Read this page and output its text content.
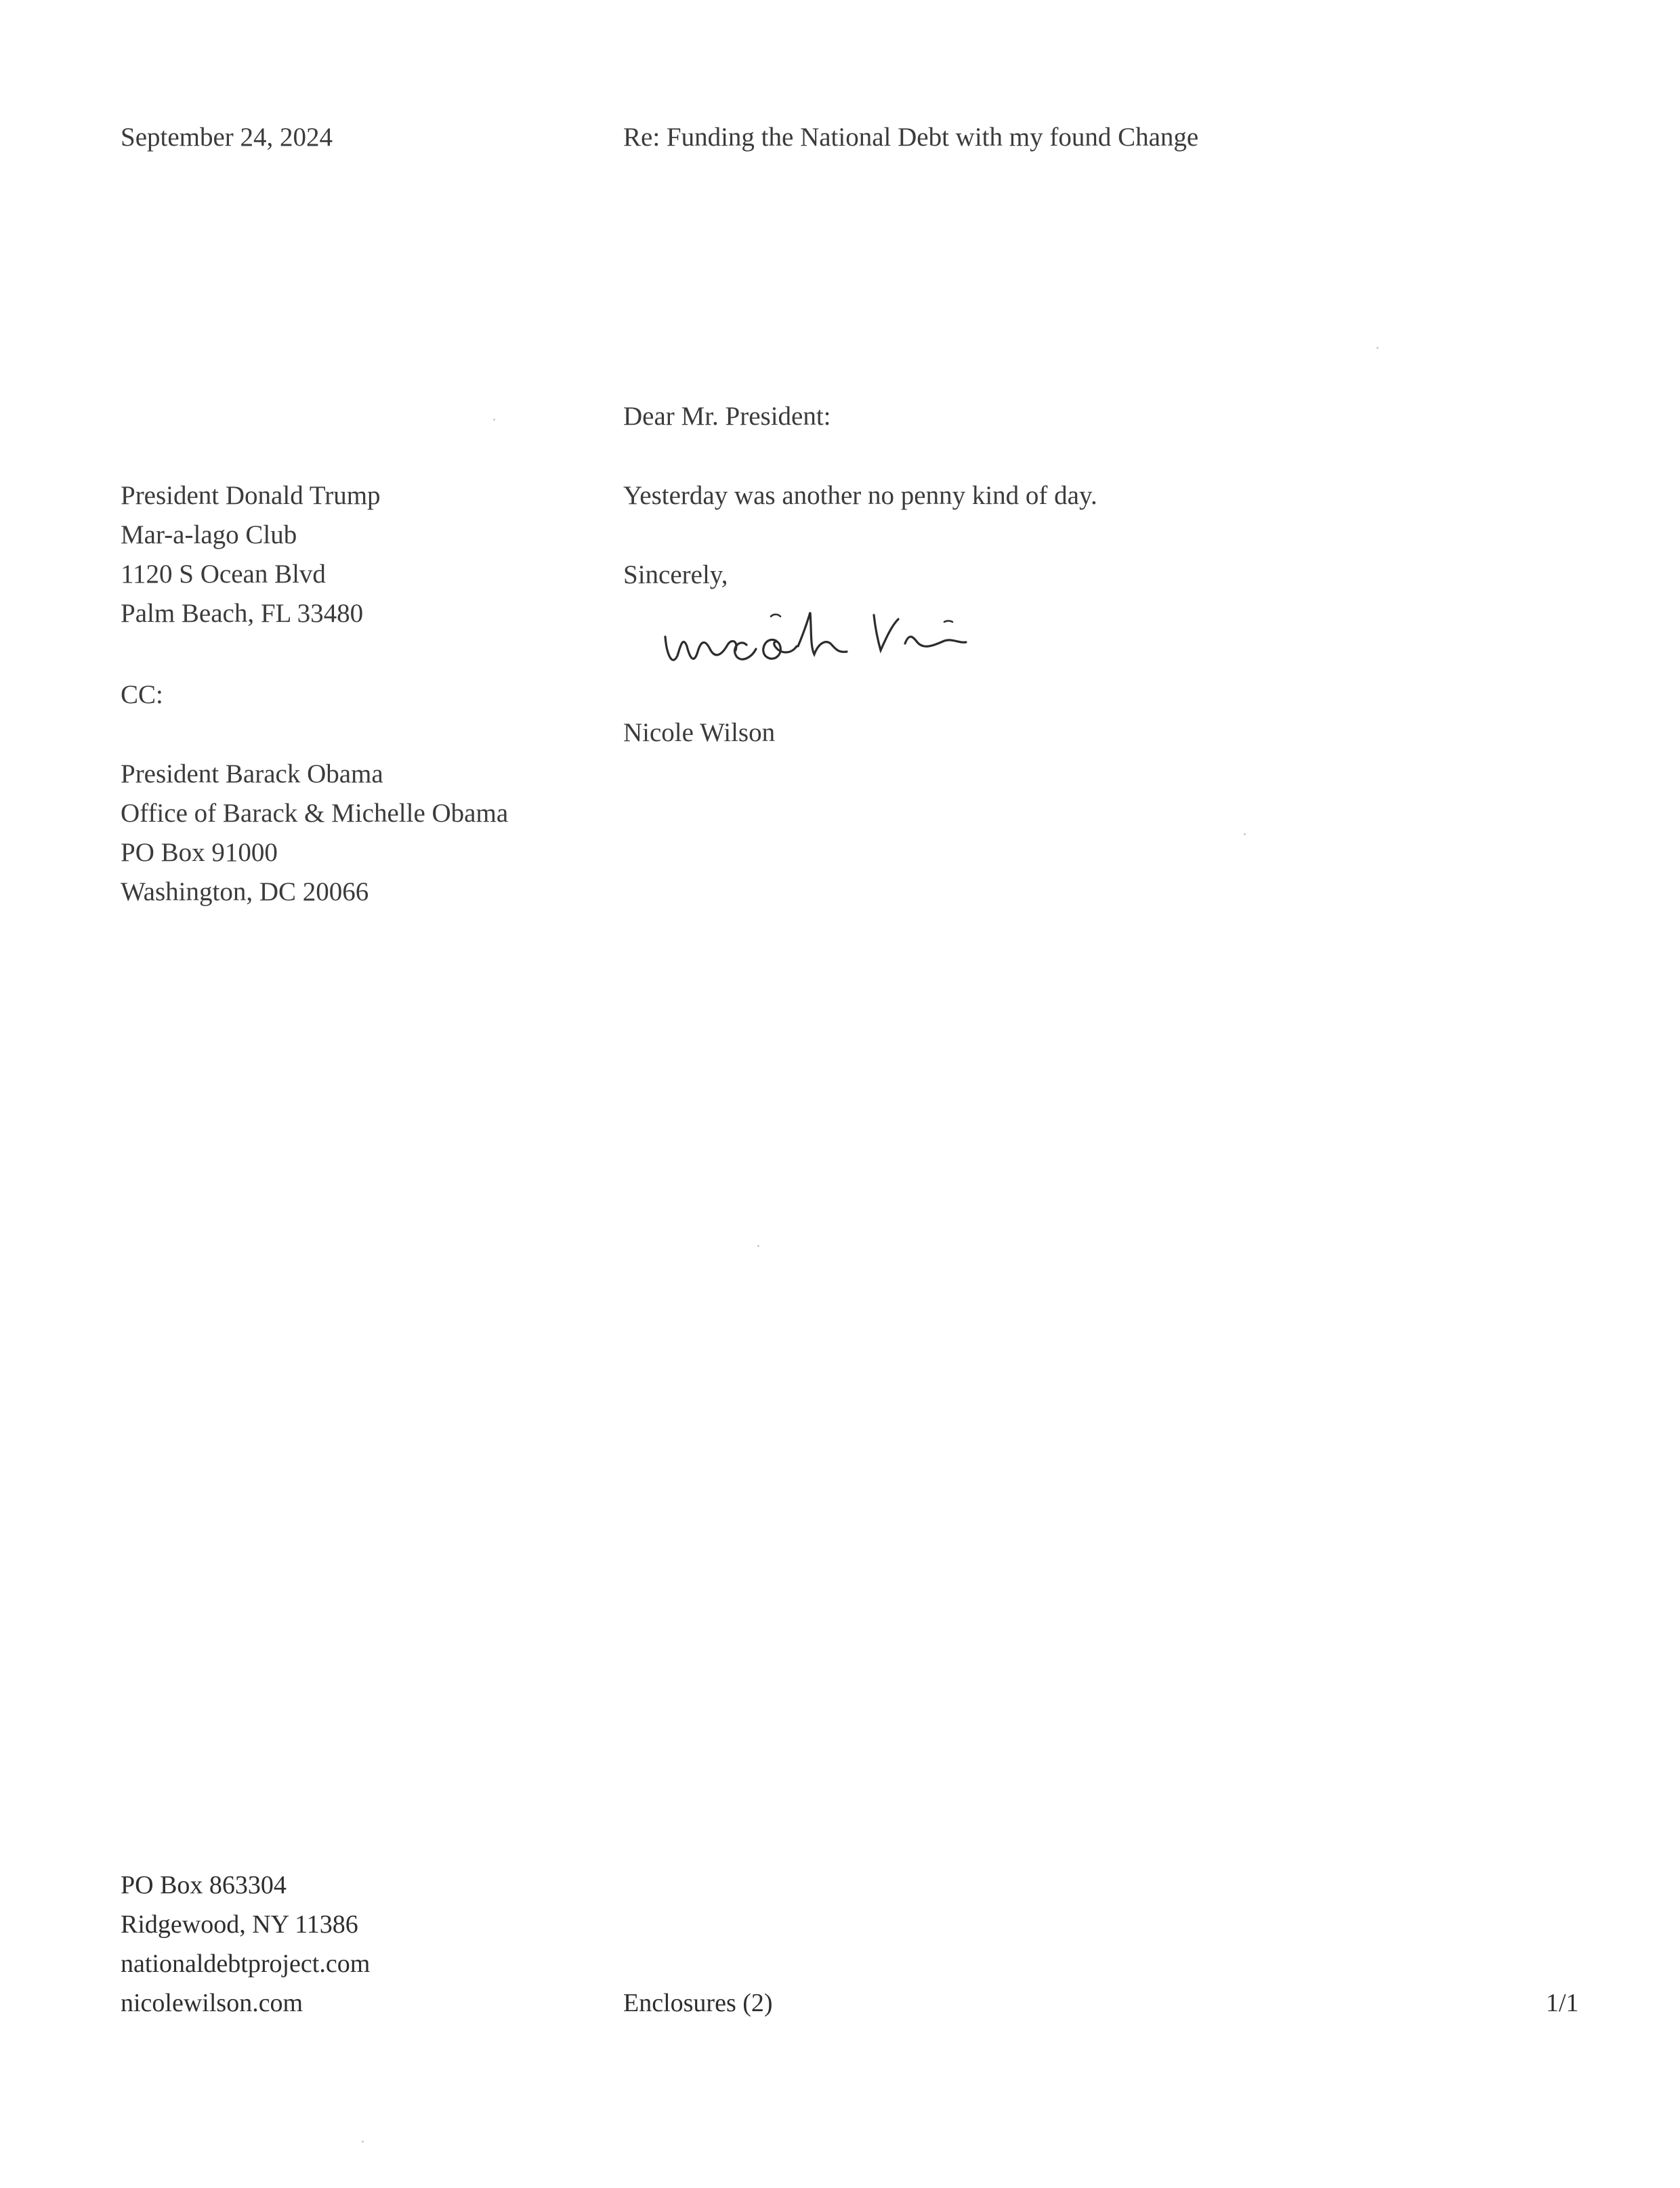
September 24, 2024	Re: Funding the National Debt with my found Change
Dear Mr. President:
President Donald Trump
Mar-a-lago Club
1120 S Ocean Blvd
Palm Beach, FL 33480
Yesterday was another no penny kind of day.
Sincerely,
Nicole Wilson
CC:
President Barack Obama
Office of Barack & Michelle Obama
PO Box 91000
Washington, DC 20066
PO Box 863304
Ridgewood, NY 11386
nationaldebtproject.com
nicolewilson.com	Enclosures (2)	1/1
